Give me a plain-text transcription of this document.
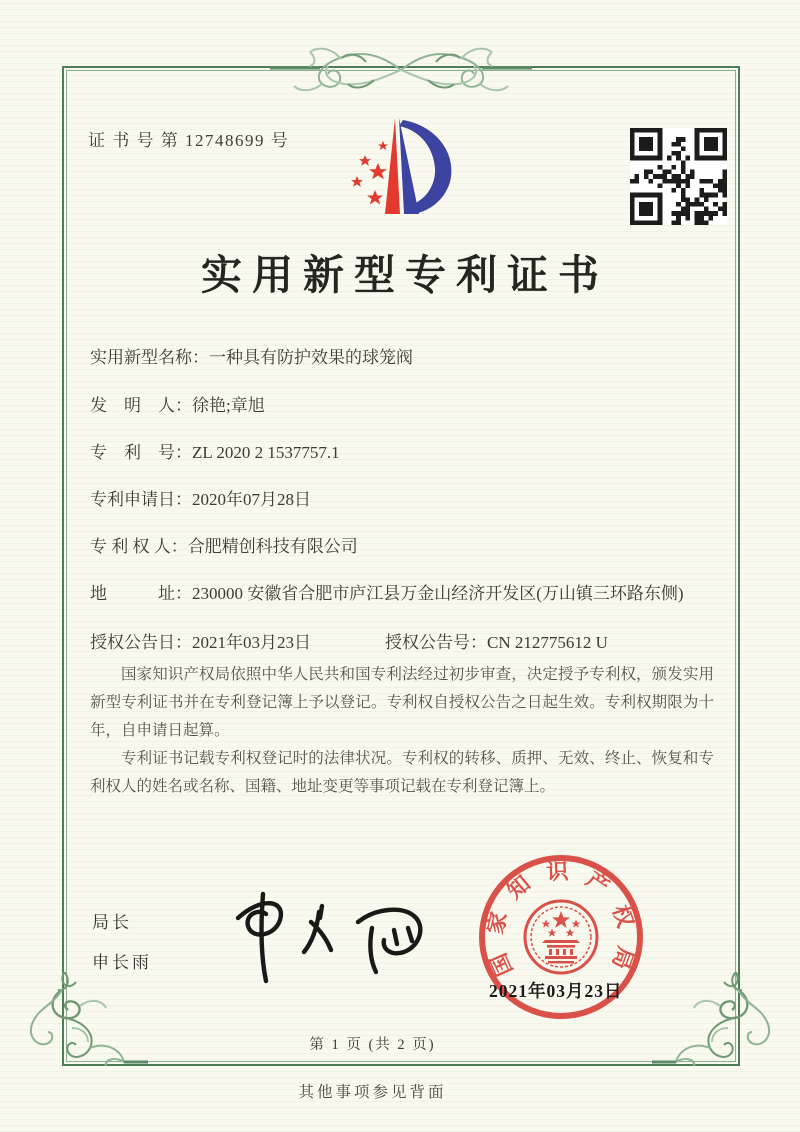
证 书 号 第 12748699 号
实用新型专利证书
实用新型名称： 一种具有防护效果的球笼阀
发　明　人： 徐艳;章旭
专　利　号： ZL 2020 2 1537757.1
专利申请日： 2020年07月28日
专 利 权 人： 合肥精创科技有限公司
地　　　址： 230000 安徽省合肥市庐江县万金山经济开发区(万山镇三环路东侧)
授权公告日： 2021年03月23日	授权公告号： CN 212775612 U

国家知识产权局依照中华人民共和国专利法经过初步审查，决定授予专利权，颁发实用新型专利证书并在专利登记簿上予以登记。专利权自授权公告之日起生效。专利权期限为十年，自申请日起算。

专利证书记载专利权登记时的法律状况。专利权的转移、质押、无效、终止、恢复和专利权人的姓名或名称、国籍、地址变更等事项记载在专利登记簿上。

局长
申长雨	国家知识产权局
2021年03月23日
第 1 页 (共 2 页)
其他事项参见背面
